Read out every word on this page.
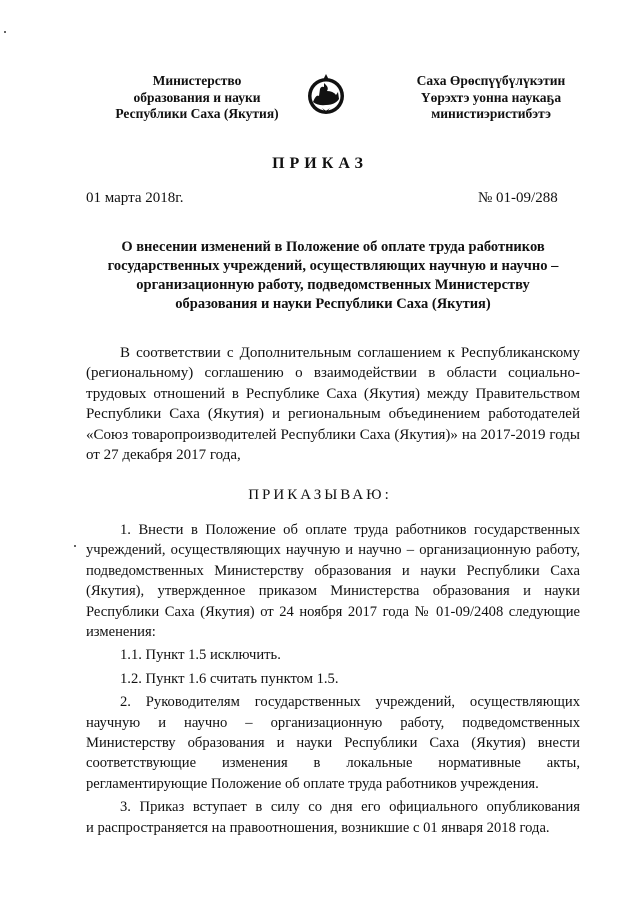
Министерство
образования и науки
Республики Саха (Якутия)
Саха Өрөспүүбүлүкэтин
Үөрэхтэ уонна наукаҕа
министиэристибэтэ
ПРИКАЗ
01 марта 2018г.	№ 01-09/288
О внесении изменений в Положение об оплате труда работников
государственных учреждений, осуществляющих научную и научно –
организационную работу, подведомственных Министерству
образования и науки Республики Саха (Якутия)
В соответствии с Дополнительным соглашением к Республиканскому
(региональному) соглашению о взаимодействии в области социально-
трудовых отношений в Республике Саха (Якутия) между Правительством
Республики Саха (Якутия) и региональным объединением работодателей
«Союз товаропроизводителей Республики Саха (Якутия)» на 2017-2019 годы
от 27 декабря 2017 года,
ПРИКАЗЫВАЮ:
1. Внести в Положение об оплате труда работников государственных
учреждений, осуществляющих научную и научно – организационную работу,
подведомственных Министерству образования и науки Республики Саха
(Якутия), утвержденное приказом Министерства образования и науки
Республики Саха (Якутия) от 24 ноября 2017 года № 01-09/2408 следующие
изменения:
1.1. Пункт 1.5 исключить.
1.2. Пункт 1.6 считать пунктом 1.5.
2. Руководителям государственных учреждений, осуществляющих
научную и научно – организационную работу, подведомственных
Министерству образования и науки Республики Саха (Якутия) внести
соответствующие изменения в локальные нормативные акты,
регламентирующие Положение об оплате труда работников учреждения.
3. Приказ вступает в силу со дня его официального опубликования
и распространяется на правоотношения, возникшие с 01 января 2018 года.
